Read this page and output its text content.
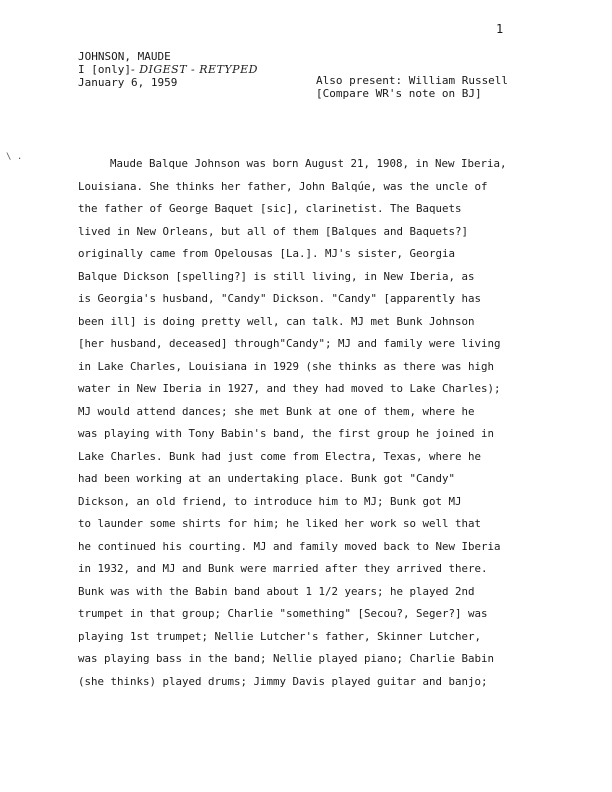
1
\ .
JOHNSON, MAUDE
I [only]- DIGEST - RETYPED
January 6, 1959	Also present: William Russell
[Compare WR's note on BJ]
Maude Balque Johnson was born August 21, 1908, in New Iberia,
Louisiana. She thinks her father, John Balqúe, was the uncle of
the father of George Baquet [sic], clarinetist. The Baquets
lived in New Orleans, but all of them [Balques and Baquets?]
originally came from Opelousas [La.]. MJ's sister, Georgia
Balque Dickson [spelling?] is still living, in New Iberia, as
is Georgia's husband, "Candy" Dickson. "Candy" [apparently has
been ill] is doing pretty well, can talk. MJ met Bunk Johnson
[her husband, deceased] through"Candy"; MJ and family were living
in Lake Charles, Louisiana in 1929 (she thinks as there was high
water in New Iberia in 1927, and they had moved to Lake Charles);
MJ would attend dances; she met Bunk at one of them, where he
was playing with Tony Babin's band, the first group he joined in
Lake Charles. Bunk had just come from Electra, Texas, where he
had been working at an undertaking place. Bunk got "Candy"
Dickson, an old friend, to introduce him to MJ; Bunk got MJ
to launder some shirts for him; he liked her work so well that
he continued his courting. MJ and family moved back to New Iberia
in 1932, and MJ and Bunk were married after they arrived there.
Bunk was with the Babin band about 1 1/2 years; he played 2nd
trumpet in that group; Charlie "something" [Secou?, Seger?] was
playing 1st trumpet; Nellie Lutcher's father, Skinner Lutcher,
was playing bass in the band; Nellie played piano; Charlie Babin
(she thinks) played drums; Jimmy Davis played guitar and banjo;
